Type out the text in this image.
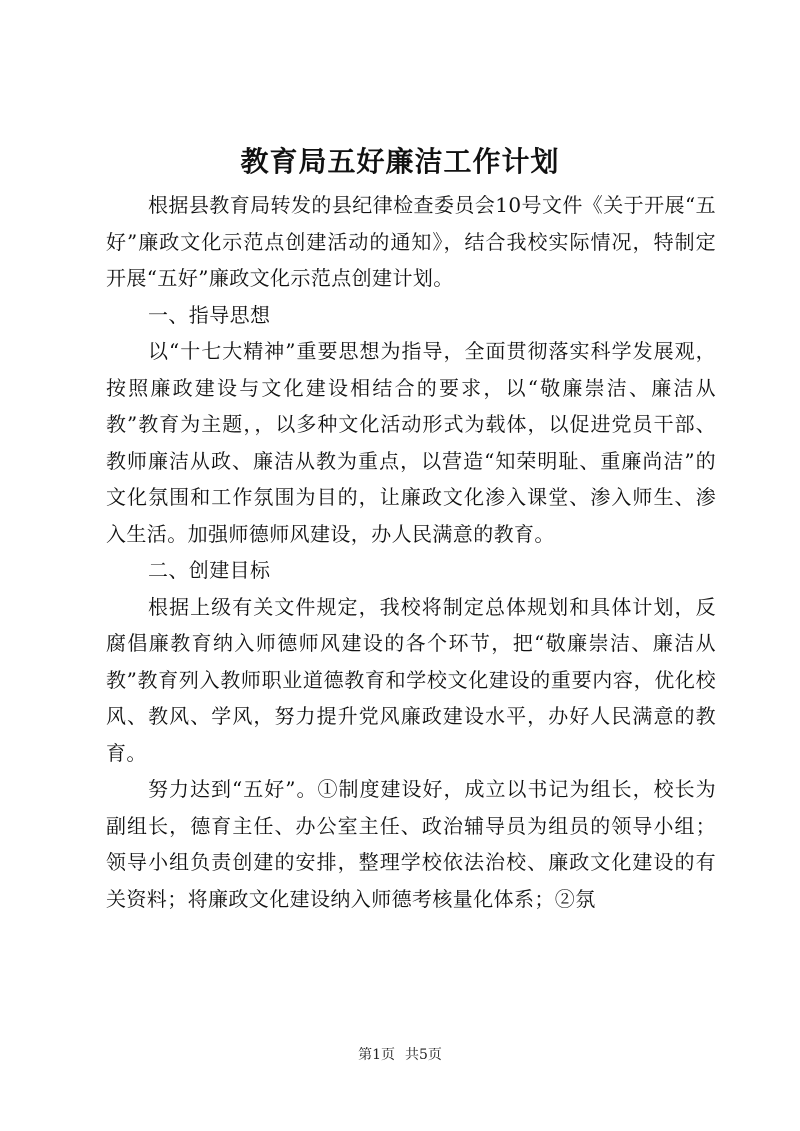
教育局五好廉洁工作计划

根据县教育局转发的县纪律检查委员会10号文件《关于开展“五好”廉政文化示范点创建活动的通知》，结合我校实际情况，特制定开展“五好”廉政文化示范点创建计划。

一、指导思想

以“十七大精神”重要思想为指导，全面贯彻落实科学发展观，按照廉政建设与文化建设相结合的要求，以“敬廉崇洁、廉洁从教”教育为主题，，以多种文化活动形式为载体，以促进党员干部、教师廉洁从政、廉洁从教为重点，以营造“知荣明耻、重廉尚洁”的文化氛围和工作氛围为目的，让廉政文化渗入课堂、渗入师生、渗入生活。加强师德师风建设，办人民满意的教育。

二、创建目标

根据上级有关文件规定，我校将制定总体规划和具体计划，反腐倡廉教育纳入师德师风建设的各个环节，把“敬廉崇洁、廉洁从教”教育列入教师职业道德教育和学校文化建设的重要内容，优化校风、教风、学风，努力提升党风廉政建设水平，办好人民满意的教育。

努力达到“五好”。①制度建设好，成立以书记为组长，校长为副组长，德育主任、办公室主任、政治辅导员为组员的领导小组；领导小组负责创建的安排，整理学校依法治校、廉政文化建设的有关资料；将廉政文化建设纳入师德考核量化体系；②氛

第1页 共5页
